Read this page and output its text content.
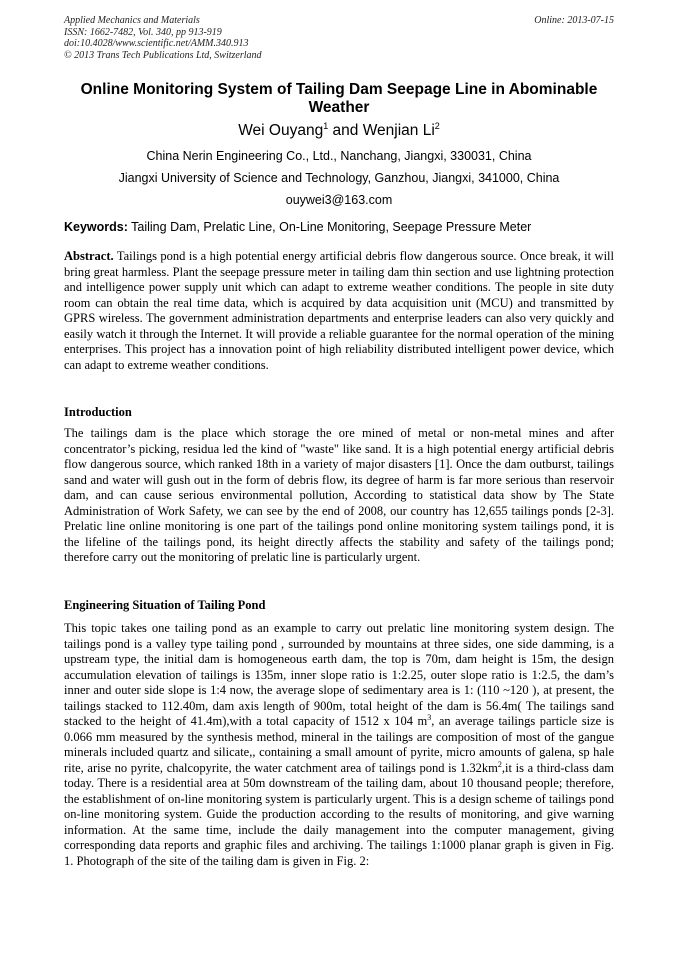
Applied Mechanics and Materials
ISSN: 1662-7482, Vol. 340, pp 913-919
doi:10.4028/www.scientific.net/AMM.340.913
© 2013 Trans Tech Publications Ltd, Switzerland
Online: 2013-07-15
Online Monitoring System of Tailing Dam Seepage Line in Abominable Weather

Wei Ouyang$^1$ and Wenjian Li$^2$

China Nerin Engineering Co., Ltd., Nanchang, Jiangxi, 330031, China

Jiangxi University of Science and Technology, Ganzhou, Jiangxi, 341000, China

ouywei3@163.com

Keywords: Tailing Dam, Prelatic Line, On-Line Monitoring, Seepage Pressure Meter

Abstract. Tailings pond is a high potential energy artificial debris flow dangerous source. Once break, it will bring great harmless. Plant the seepage pressure meter in tailing dam thin section and use lightning protection and intelligence power supply unit which can adapt to extreme weather conditions. The people in site duty room can obtain the real time data, which is acquired by data acquisition unit (MCU) and transmitted by GPRS wireless. The government administration departments and enterprise leaders can also very quickly and easily watch it through the Internet. It will provide a reliable guarantee for the normal operation of the mining enterprises. This project has a innovation point of high reliability distributed intelligent power device, which can adapt to extreme weather conditions.

Introduction

The tailings dam is the place which storage the ore mined of metal or non-metal mines and after concentrator’s picking, residua led the kind of "waste" like sand. It is a high potential energy artificial debris flow dangerous source, which ranked 18th in a variety of major disasters [1]. Once the dam outburst, tailings sand and water will gush out in the form of debris flow, its degree of harm is far more serious than reservoir dam, and can cause serious environmental pollution, According to statistical data show by The State Administration of Work Safety, we can see by the end of 2008, our country has 12,655 tailings ponds [2-3]. Prelatic line online monitoring is one part of the tailings pond online monitoring system tailings pond, it is the lifeline of the tailings pond, its height directly affects the stability and safety of the tailings pond; therefore carry out the monitoring of prelatic line is particularly urgent.

Engineering Situation of Tailing Pond

This topic takes one tailing pond as an example to carry out prelatic line monitoring system design. The tailings pond is a valley type tailing pond , surrounded by mountains at three sides, one side damming, is a upstream type, the initial dam is homogeneous earth dam, the top is 70m, dam height is 15m, the design accumulation elevation of tailings is 135m, inner slope ratio is 1:2.25, outer slope ratio is 1:2.5, the dam’s inner and outer side slope is 1:4 now, the average slope of sedimentary area is 1: (110 ~120 ), at present, the tailings stacked to 112.40m, dam axis length of 900m, total height of the dam is 56.4m( The tailings sand stacked to the height of 41.4m),with a total capacity of 1512 x 104 $m^3$, an average tailings particle size is 0.066 mm measured by the synthesis method, mineral in the tailings are composition of most of the gangue minerals included quartz and silicate,, containing a small amount of pyrite, micro amounts of galena, sp hale rite, arise no pyrite, chalcopyrite, the water catchment area of tailings pond is $1.32km^2,it$ is a third-class dam today. There is a residential area at 50m downstream of the tailing dam, about 10 thousand people; therefore, the establishment of on-line monitoring system is particularly urgent. This is a design scheme of tailings pond on-line monitoring system. Guide the production according to the results of monitoring, and give warning information. At the same time, include the daily management into the computer management, giving corresponding data reports and graphic files and archiving. The tailings 1:1000 planar graph is given in Fig. 1. Photograph of the site of the tailing dam is given in Fig. 2:
